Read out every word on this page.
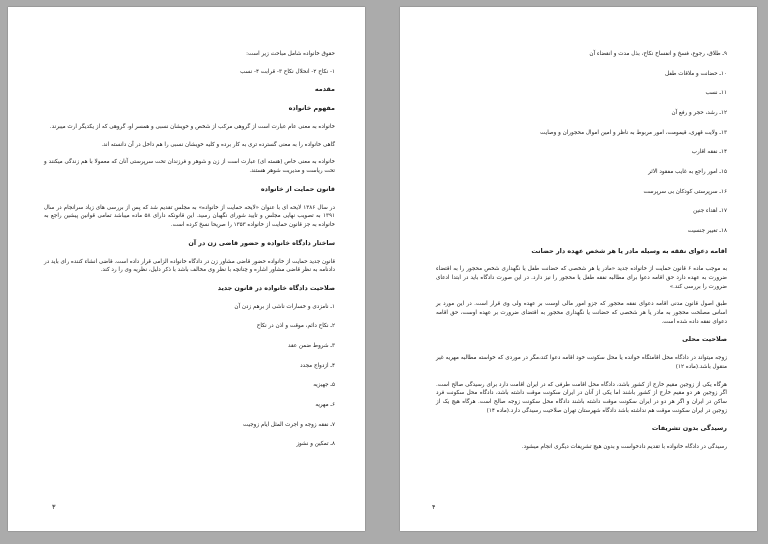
حقوق خانواده شامل مباحث زیر است:
۱- نکاح ۲- انحلال نکاح ۳- قرابت ۴- نسب
مقدمه
مفهوم خانواده
خانواده به معنی عام عبارت است از گروهی مرکب از شخص و خویشان نسبی و همسر او، گروهی که از یکدیگر ارث میبرند.
گاهی خانواده را به معنی گسترده تری به کار برده و کلیه خویشان نسبی را هم داخل در آن دانسته اند.
خانواده به معنی خاص (هسته ای) عبارت است از زن و شوهر و فرزندان تحت سرپرستی آنان که معمولا با هم زندگی میکنند و تحت ریاست و مدیریت شوهر هستند.
قانون حمایت از خانواده
در سال ۱۳۸۶ لایحه ای با عنوان «لایحه حمایت از خانواده» به مجلس تقدیم شد که پس از بررسی های زیاد سرانجام در سال ۱۳۹۱ به تصویب نهایی مجلس و تایید شورای نگهبان رسید. این قانونکه دارای ۵۸ ماده میباشد تمامی قوانین پیشین راجع به خانواده به جز قانون حمایت از خانواده ۱۳۵۳ را صریحا نسخ کرده است.
ساختار دادگاه خانواده و حضور قاضی زن در آن
قانون جدید حمایت از خانواده حضور قاضی مشاور زن در دادگاه خانواده الزامی قرار داده است. قاضی انشاء کننده رای باید در دادنامه به نظر قاضی مشاور اشاره و چنانچه با نظر وی مخالف باشد با ذکر دلیل، نظریه وی را رد کند.
صلاحیت دادگاه خانواده در قانون جدید
۱ـ نامزدی و خسارات ناشی از برهم زدن آن
۲ـ نکاح دائم، موقت و اذن در نکاح
۳ـ شروط ضمن عقد
۴ـ ازدواج مجدد
۵ـ جهیزیه
۶ـ مهریه
۷ـ نفقه زوجه و اجرت المثل ایام زوجیت
۸ـ تمکین و نشوز
۳
۹ـ طلاق، رجوع، فسخ و انفساخ نکاح، بذل مدت و انقضاء آن
۱۰ـ حضانت و ملاقات طفل
۱۱ـ نسب
۱۲ـ رشد، حجر و رفع آن
۱۳ـ ولایت قهری، قیمومت، امور مربوط به ناظر و امین اموال محجوران و وصایت
۱۴ـ نفقه اقارب
۱۵ـ امور راجع به غایب مفقود الاثر
۱۶ـ سرپرستی کودکان بی سرپرست
۱۷ـ اهداء جنین
۱۸ـ تغییر جنسیت
اقامه دعوای نفقه به وسیله مادر یا هر شخص عهده دار حضانت
به موجب ماده ۶ قانون حمایت از خانواده جدید «مادر یا هر شخصی که حضانت طفل یا نگهداری شخص محجور را به اقتضاء ضرورت به عهده دارد حق اقامه دعوا برای مطالبه نفقه طفل یا محجور را نیز دارد. در این صورت دادگاه باید در ابتدا ادعای ضرورت را بررسی کند.»
طبق اصول قانون مدنی اقامه دعوای نفقه محجور که جزو امور مالی اوست بر عهده ولی وی قرار است. در این مورد بر اساس مصلحت محجور به مادر یا هر شخصی که حضانت یا نگهداری محجور به اقتضای ضرورت بر عهده اوست، حق اقامه دعوای نفقه داده شده است.
صلاحیت محلی
زوجه میتواند در دادگاه محل اقامتگاه خوانده یا محل سکونت خود اقامه دعوا کند،مگر در موردی که خواسته مطالبه مهریه غیر منقول باشد.(ماده ۱۲)
هرگاه یکی از زوجین مقیم خارج از کشور باشد، دادگاه محل اقامت طرفی که در ایران اقامت دارد برای رسیدگی صالح است. اگر زوجین هر دو مقیم خارج از کشور باشند اما یکی از آنان در ایران سکونت موقت داشته باشد، دادگاه محل سکونت فرد ساکن در ایران و اگر هر دو در ایران سکونت موقت داشته باشند دادگاه محل سکونت زوجه صالح است. هرگاه هیچ یک از زوجین در ایران سکونت موقت هم نداشته باشد دادگاه شهرستان تهران صلاحیت رسیدگی دارد.(ماده ۱۴)
رسیدگی بدون تشریفات
رسیدگی در دادگاه خانواده با تقدیم دادخواست و بدون هیچ تشریفات دیگری انجام میشود.
۴
